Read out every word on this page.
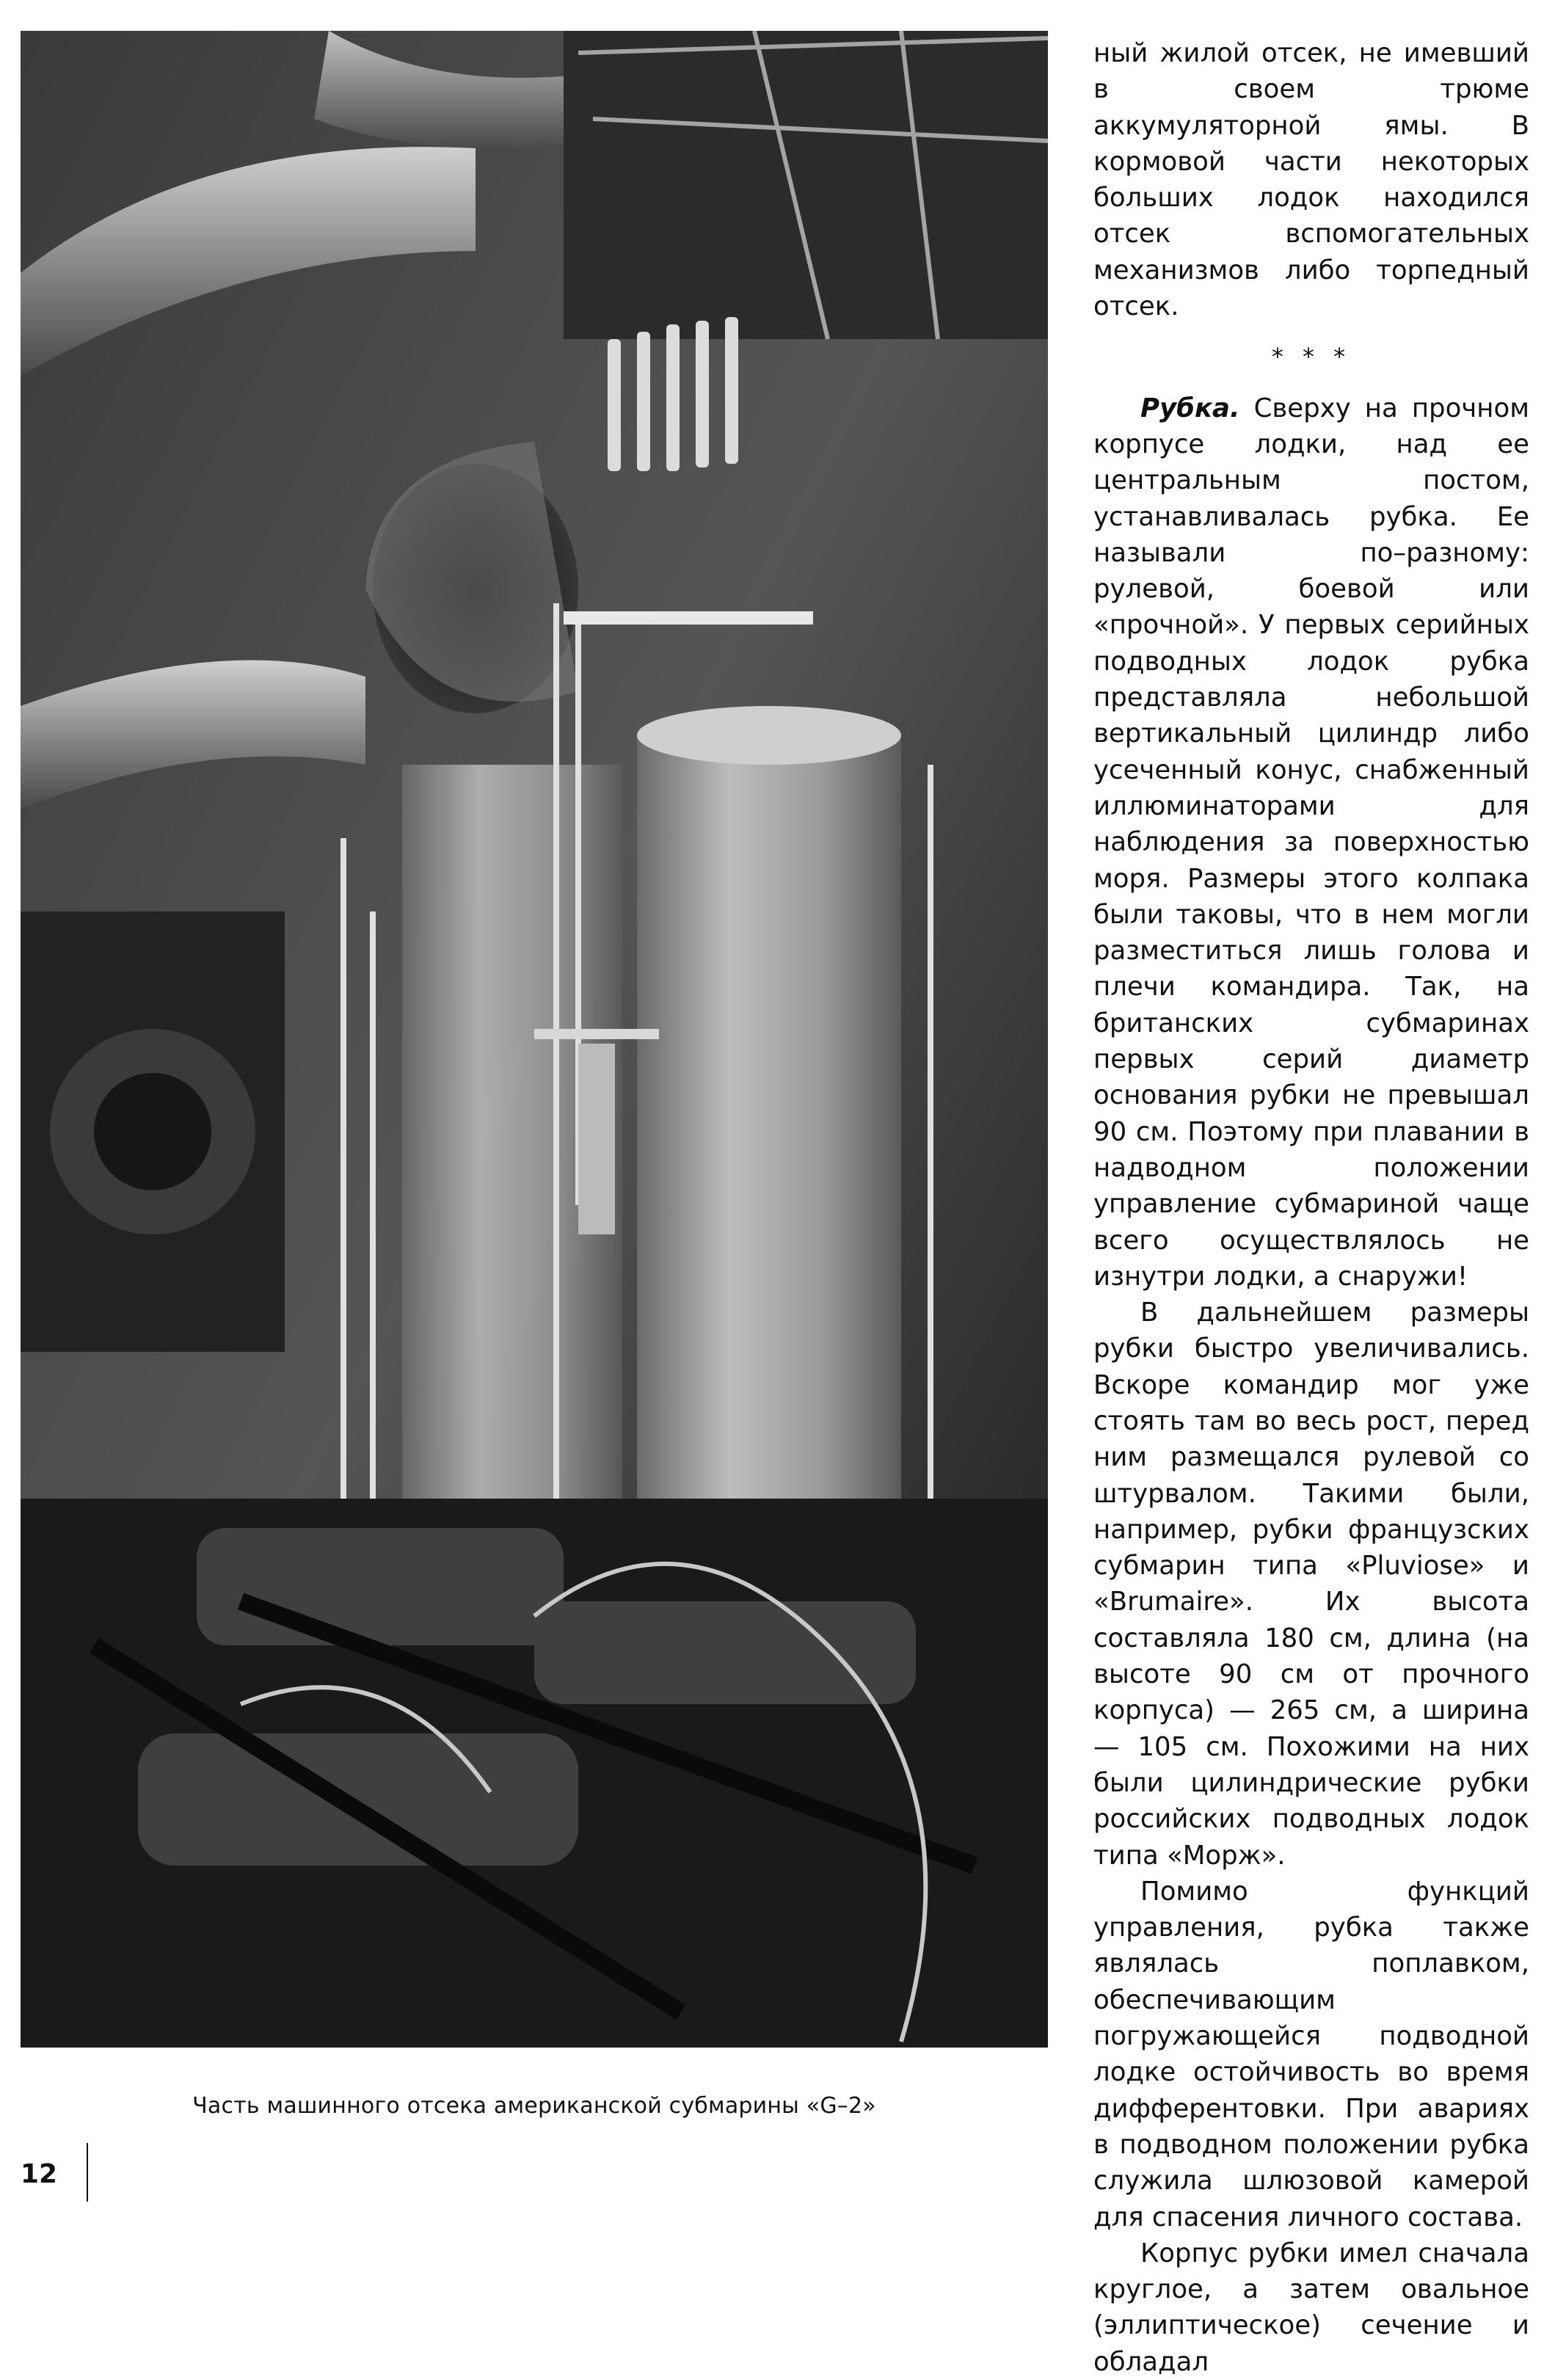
Часть машинного отсека американской субмарины «G–2»

ный жилой отсек, не имевший в своем трюме аккумуляторной ямы. В кормовой части некоторых больших лодок находился отсек вспомогательных механизмов либо торпедный отсек.

* * *

Рубка. Сверху на прочном корпусе лодки, над ее центральным постом, устанавливалась рубка. Ее называли по–разному: рулевой, боевой или «прочной». У первых серийных подводных лодок рубка представляла небольшой вертикальный цилиндр либо усеченный конус, снабженный иллюминаторами для наблюдения за поверхностью моря. Размеры этого колпака были таковы, что в нем могли разместиться лишь голова и плечи командира. Так, на британских субмаринах первых серий диаметр основания рубки не превышал 90 см. Поэтому при плавании в надводном положении управление субмариной чаще всего осуществлялось не изнутри лодки, а снаружи!

В дальнейшем размеры рубки быстро увеличивались. Вскоре командир мог уже стоять там во весь рост, перед ним размещался рулевой со штурвалом. Такими были, например, рубки французских субмарин типа «Pluviose» и «Brumaire». Их высота составляла 180 см, длина (на высоте 90 см от прочного корпуса) — 265 см, а ширина — 105 см. Похожими на них были цилиндрические рубки российских подводных лодок типа «Морж».

Помимо функций управления, рубка также являлась поплавком, обеспечивающим погружающейся подводной лодке остойчивость во время дифферентовки. При авариях в подводном положении рубка служила шлюзовой камерой для спасения личного состава.

Корпус рубки имел сначала круглое, а затем овальное (эллиптическое) сечение и обладал

12
